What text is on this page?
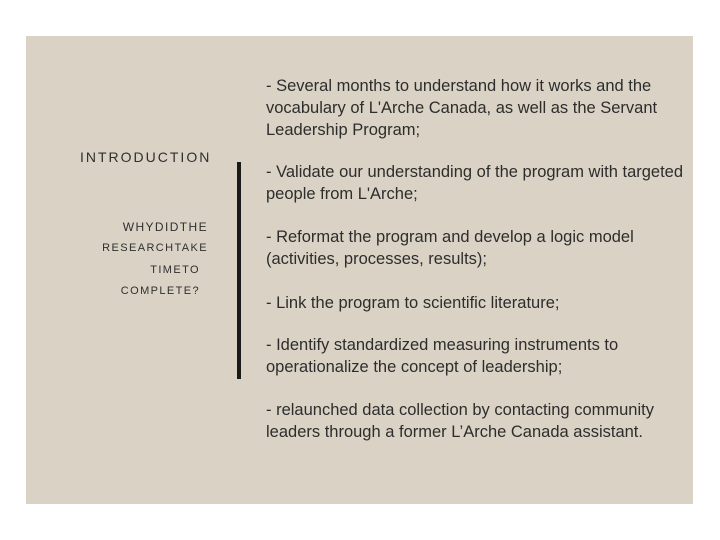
INTRODUCTION
WHYDIDTHE
RESEARCHTAKE
TIMETO
COMPLETE?
- Several months to understand how it works and the vocabulary of L'Arche Canada, as well as the Servant Leadership Program;
- Validate our understanding of the program with targeted people from L'Arche;
- Reformat the program and develop a logic model (activities, processes, results);
- Link the program to scientific literature;
- Identify standardized measuring instruments to operationalize the concept of leadership;
- relaunched data collection by contacting community leaders through a former L’Arche Canada assistant.
